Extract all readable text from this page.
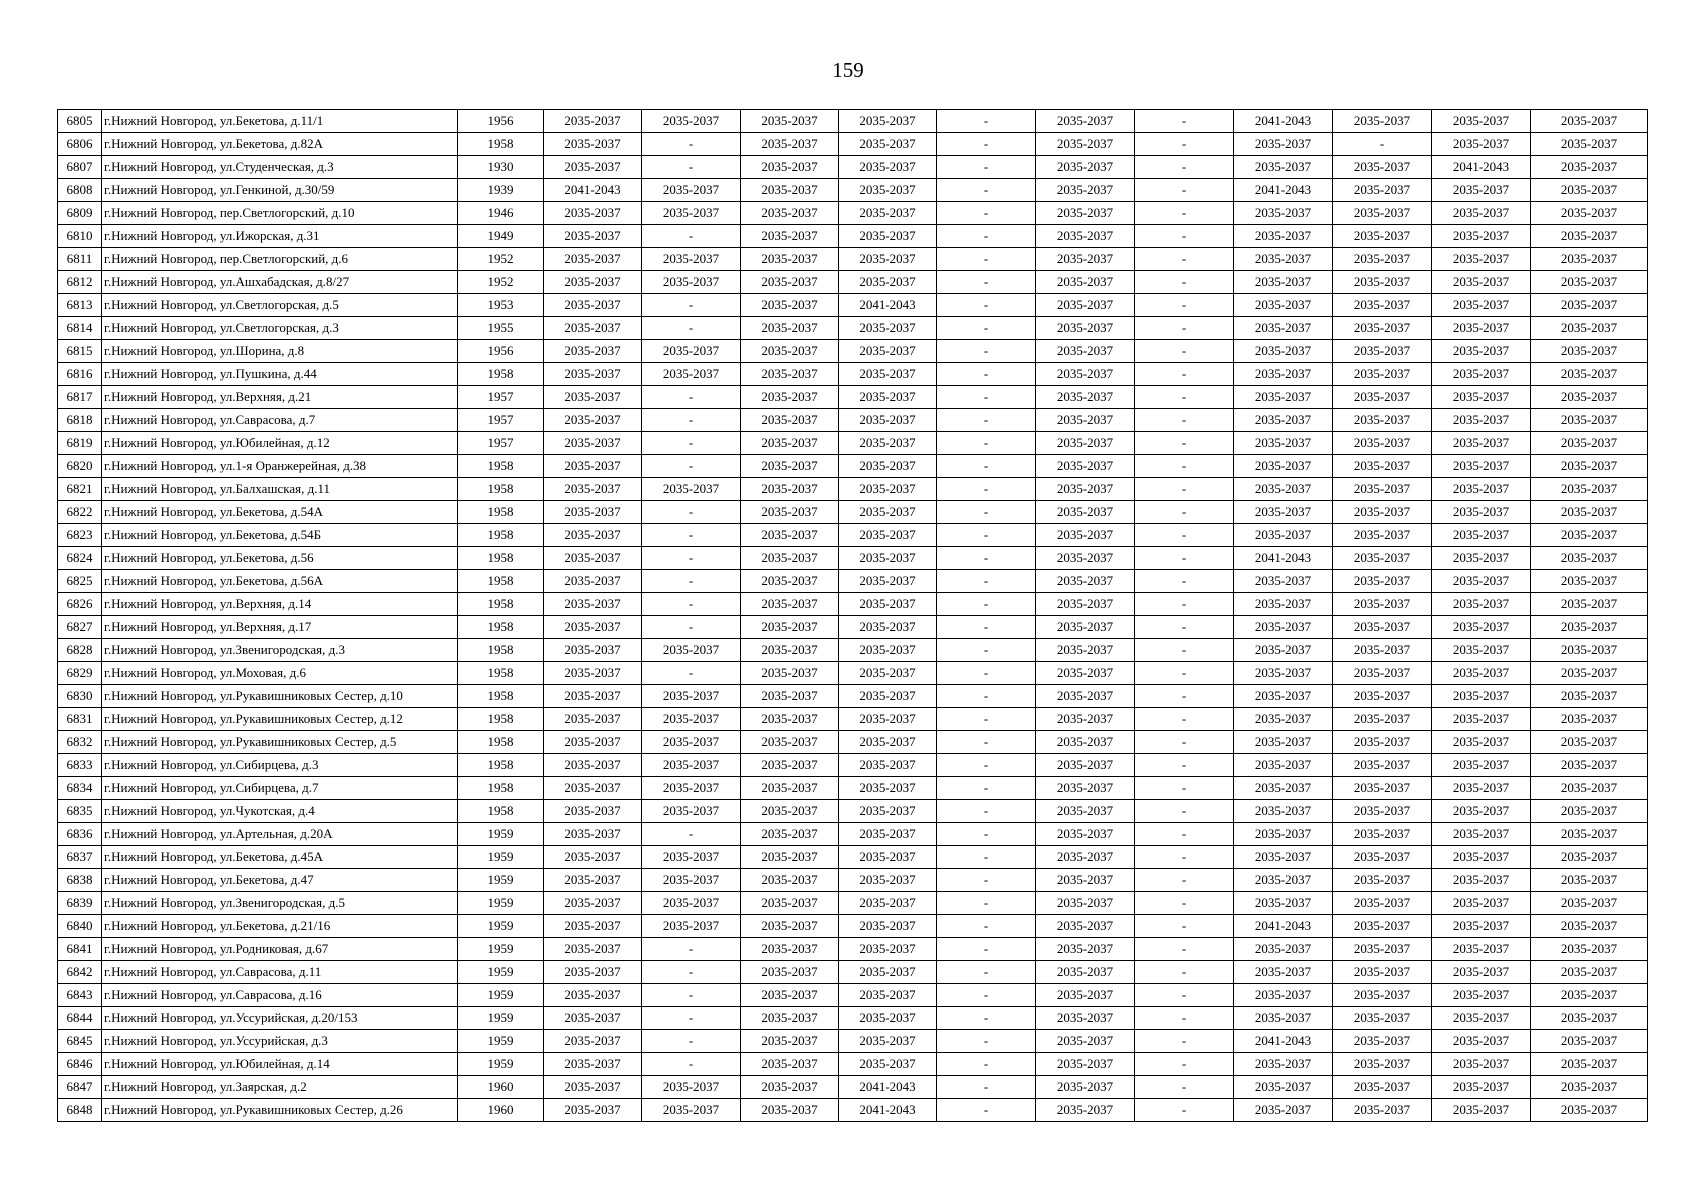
159
6805	г.Нижний Новгород, ул.Бекетова, д.11/1	1956	2035-2037	2035-2037	2035-2037	2035-2037	-	2035-2037	-	2041-2043	2035-2037	2035-2037	2035-2037
6806	г.Нижний Новгород, ул.Бекетова, д.82А	1958	2035-2037	-	2035-2037	2035-2037	-	2035-2037	-	2035-2037	-	2035-2037	2035-2037
6807	г.Нижний Новгород, ул.Студенческая, д.3	1930	2035-2037	-	2035-2037	2035-2037	-	2035-2037	-	2035-2037	2035-2037	2041-2043	2035-2037
6808	г.Нижний Новгород, ул.Генкиной, д.30/59	1939	2041-2043	2035-2037	2035-2037	2035-2037	-	2035-2037	-	2041-2043	2035-2037	2035-2037	2035-2037
6809	г.Нижний Новгород, пер.Светлогорский, д.10	1946	2035-2037	2035-2037	2035-2037	2035-2037	-	2035-2037	-	2035-2037	2035-2037	2035-2037	2035-2037
6810	г.Нижний Новгород, ул.Ижорская, д.31	1949	2035-2037	-	2035-2037	2035-2037	-	2035-2037	-	2035-2037	2035-2037	2035-2037	2035-2037
6811	г.Нижний Новгород, пер.Светлогорский, д.6	1952	2035-2037	2035-2037	2035-2037	2035-2037	-	2035-2037	-	2035-2037	2035-2037	2035-2037	2035-2037
6812	г.Нижний Новгород, ул.Ашхабадская, д.8/27	1952	2035-2037	2035-2037	2035-2037	2035-2037	-	2035-2037	-	2035-2037	2035-2037	2035-2037	2035-2037
6813	г.Нижний Новгород, ул.Светлогорская, д.5	1953	2035-2037	-	2035-2037	2041-2043	-	2035-2037	-	2035-2037	2035-2037	2035-2037	2035-2037
6814	г.Нижний Новгород, ул.Светлогорская, д.3	1955	2035-2037	-	2035-2037	2035-2037	-	2035-2037	-	2035-2037	2035-2037	2035-2037	2035-2037
6815	г.Нижний Новгород, ул.Шорина, д.8	1956	2035-2037	2035-2037	2035-2037	2035-2037	-	2035-2037	-	2035-2037	2035-2037	2035-2037	2035-2037
6816	г.Нижний Новгород, ул.Пушкина, д.44	1958	2035-2037	2035-2037	2035-2037	2035-2037	-	2035-2037	-	2035-2037	2035-2037	2035-2037	2035-2037
6817	г.Нижний Новгород, ул.Верхняя, д.21	1957	2035-2037	-	2035-2037	2035-2037	-	2035-2037	-	2035-2037	2035-2037	2035-2037	2035-2037
6818	г.Нижний Новгород, ул.Саврасова, д.7	1957	2035-2037	-	2035-2037	2035-2037	-	2035-2037	-	2035-2037	2035-2037	2035-2037	2035-2037
6819	г.Нижний Новгород, ул.Юбилейная, д.12	1957	2035-2037	-	2035-2037	2035-2037	-	2035-2037	-	2035-2037	2035-2037	2035-2037	2035-2037
6820	г.Нижний Новгород, ул.1-я Оранжерейная, д.38	1958	2035-2037	-	2035-2037	2035-2037	-	2035-2037	-	2035-2037	2035-2037	2035-2037	2035-2037
6821	г.Нижний Новгород, ул.Балхашская, д.11	1958	2035-2037	2035-2037	2035-2037	2035-2037	-	2035-2037	-	2035-2037	2035-2037	2035-2037	2035-2037
6822	г.Нижний Новгород, ул.Бекетова, д.54А	1958	2035-2037	-	2035-2037	2035-2037	-	2035-2037	-	2035-2037	2035-2037	2035-2037	2035-2037
6823	г.Нижний Новгород, ул.Бекетова, д.54Б	1958	2035-2037	-	2035-2037	2035-2037	-	2035-2037	-	2035-2037	2035-2037	2035-2037	2035-2037
6824	г.Нижний Новгород, ул.Бекетова, д.56	1958	2035-2037	-	2035-2037	2035-2037	-	2035-2037	-	2041-2043	2035-2037	2035-2037	2035-2037
6825	г.Нижний Новгород, ул.Бекетова, д.56А	1958	2035-2037	-	2035-2037	2035-2037	-	2035-2037	-	2035-2037	2035-2037	2035-2037	2035-2037
6826	г.Нижний Новгород, ул.Верхняя, д.14	1958	2035-2037	-	2035-2037	2035-2037	-	2035-2037	-	2035-2037	2035-2037	2035-2037	2035-2037
6827	г.Нижний Новгород, ул.Верхняя, д.17	1958	2035-2037	-	2035-2037	2035-2037	-	2035-2037	-	2035-2037	2035-2037	2035-2037	2035-2037
6828	г.Нижний Новгород, ул.Звенигородская, д.3	1958	2035-2037	2035-2037	2035-2037	2035-2037	-	2035-2037	-	2035-2037	2035-2037	2035-2037	2035-2037
6829	г.Нижний Новгород, ул.Моховая, д.6	1958	2035-2037	-	2035-2037	2035-2037	-	2035-2037	-	2035-2037	2035-2037	2035-2037	2035-2037
6830	г.Нижний Новгород, ул.Рукавишниковых Сестер, д.10	1958	2035-2037	2035-2037	2035-2037	2035-2037	-	2035-2037	-	2035-2037	2035-2037	2035-2037	2035-2037
6831	г.Нижний Новгород, ул.Рукавишниковых Сестер, д.12	1958	2035-2037	2035-2037	2035-2037	2035-2037	-	2035-2037	-	2035-2037	2035-2037	2035-2037	2035-2037
6832	г.Нижний Новгород, ул.Рукавишниковых Сестер, д.5	1958	2035-2037	2035-2037	2035-2037	2035-2037	-	2035-2037	-	2035-2037	2035-2037	2035-2037	2035-2037
6833	г.Нижний Новгород, ул.Сибирцева, д.3	1958	2035-2037	2035-2037	2035-2037	2035-2037	-	2035-2037	-	2035-2037	2035-2037	2035-2037	2035-2037
6834	г.Нижний Новгород, ул.Сибирцева, д.7	1958	2035-2037	2035-2037	2035-2037	2035-2037	-	2035-2037	-	2035-2037	2035-2037	2035-2037	2035-2037
6835	г.Нижний Новгород, ул.Чукотская, д.4	1958	2035-2037	2035-2037	2035-2037	2035-2037	-	2035-2037	-	2035-2037	2035-2037	2035-2037	2035-2037
6836	г.Нижний Новгород, ул.Артельная, д.20А	1959	2035-2037	-	2035-2037	2035-2037	-	2035-2037	-	2035-2037	2035-2037	2035-2037	2035-2037
6837	г.Нижний Новгород, ул.Бекетова, д.45А	1959	2035-2037	2035-2037	2035-2037	2035-2037	-	2035-2037	-	2035-2037	2035-2037	2035-2037	2035-2037
6838	г.Нижний Новгород, ул.Бекетова, д.47	1959	2035-2037	2035-2037	2035-2037	2035-2037	-	2035-2037	-	2035-2037	2035-2037	2035-2037	2035-2037
6839	г.Нижний Новгород, ул.Звенигородская, д.5	1959	2035-2037	2035-2037	2035-2037	2035-2037	-	2035-2037	-	2035-2037	2035-2037	2035-2037	2035-2037
6840	г.Нижний Новгород, ул.Бекетова, д.21/16	1959	2035-2037	2035-2037	2035-2037	2035-2037	-	2035-2037	-	2041-2043	2035-2037	2035-2037	2035-2037
6841	г.Нижний Новгород, ул.Родниковая, д.67	1959	2035-2037	-	2035-2037	2035-2037	-	2035-2037	-	2035-2037	2035-2037	2035-2037	2035-2037
6842	г.Нижний Новгород, ул.Саврасова, д.11	1959	2035-2037	-	2035-2037	2035-2037	-	2035-2037	-	2035-2037	2035-2037	2035-2037	2035-2037
6843	г.Нижний Новгород, ул.Саврасова, д.16	1959	2035-2037	-	2035-2037	2035-2037	-	2035-2037	-	2035-2037	2035-2037	2035-2037	2035-2037
6844	г.Нижний Новгород, ул.Уссурийская, д.20/153	1959	2035-2037	-	2035-2037	2035-2037	-	2035-2037	-	2035-2037	2035-2037	2035-2037	2035-2037
6845	г.Нижний Новгород, ул.Уссурийская, д.3	1959	2035-2037	-	2035-2037	2035-2037	-	2035-2037	-	2041-2043	2035-2037	2035-2037	2035-2037
6846	г.Нижний Новгород, ул.Юбилейная, д.14	1959	2035-2037	-	2035-2037	2035-2037	-	2035-2037	-	2035-2037	2035-2037	2035-2037	2035-2037
6847	г.Нижний Новгород, ул.Заярская, д.2	1960	2035-2037	2035-2037	2035-2037	2041-2043	-	2035-2037	-	2035-2037	2035-2037	2035-2037	2035-2037
6848	г.Нижний Новгород, ул.Рукавишниковых Сестер, д.26	1960	2035-2037	2035-2037	2035-2037	2041-2043	-	2035-2037	-	2035-2037	2035-2037	2035-2037	2035-2037
